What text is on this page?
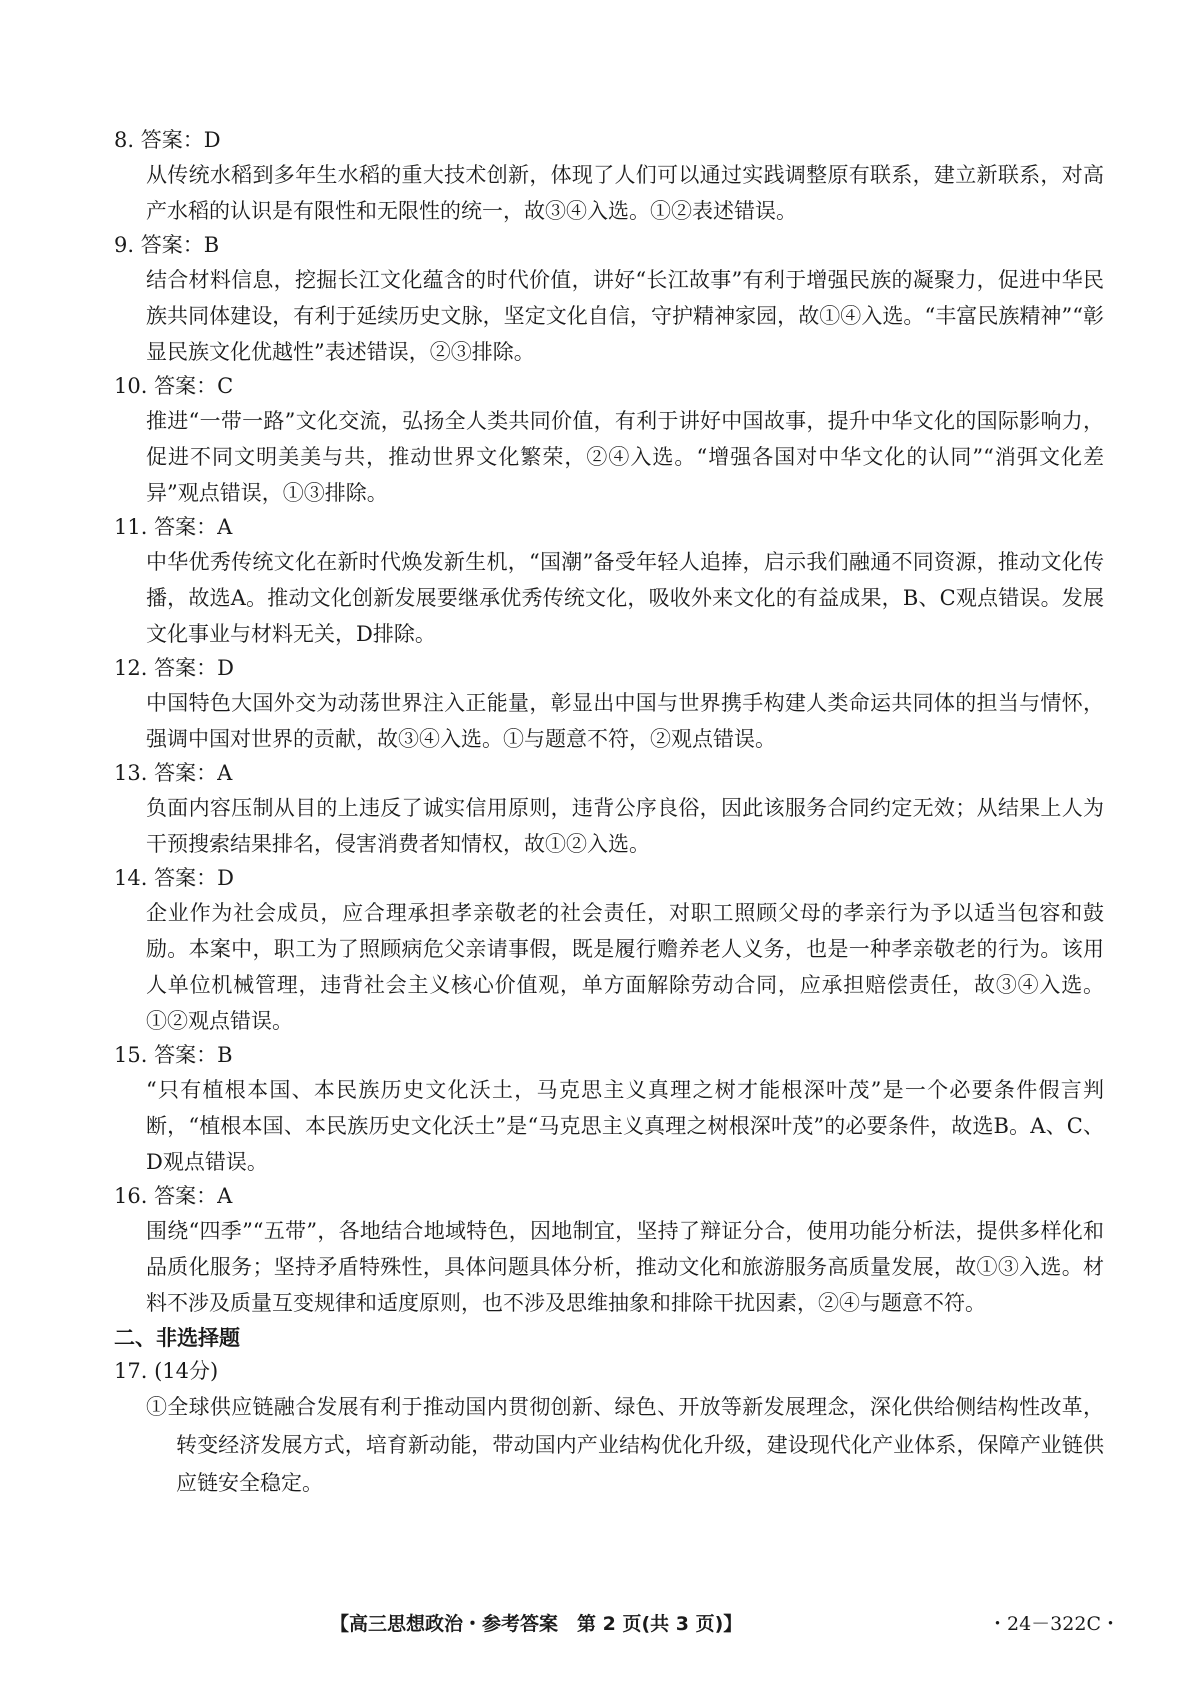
8. 答案：D
从传统水稻到多年生水稻的重大技术创新，体现了人们可以通过实践调整原有联系，建立新联系，对高产水稻的认识是有限性和无限性的统一，故③④入选。①②表述错误。
9. 答案：B
结合材料信息，挖掘长江文化蕴含的时代价值，讲好“长江故事”有利于增强民族的凝聚力，促进中华民族共同体建设，有利于延续历史文脉，坚定文化自信，守护精神家园，故①④入选。“丰富民族精神”“彰显民族文化优越性”表述错误，②③排除。
10. 答案：C
推进“一带一路”文化交流，弘扬全人类共同价值，有利于讲好中国故事，提升中华文化的国际影响力，促进不同文明美美与共，推动世界文化繁荣，②④入选。“增强各国对中华文化的认同”“消弭文化差异”观点错误，①③排除。
11. 答案：A
中华优秀传统文化在新时代焕发新生机，“国潮”备受年轻人追捧，启示我们融通不同资源，推动文化传播，故选A。推动文化创新发展要继承优秀传统文化，吸收外来文化的有益成果，B、C观点错误。发展文化事业与材料无关，D排除。
12. 答案：D
中国特色大国外交为动荡世界注入正能量，彰显出中国与世界携手构建人类命运共同体的担当与情怀，强调中国对世界的贡献，故③④入选。①与题意不符，②观点错误。
13. 答案：A
负面内容压制从目的上违反了诚实信用原则，违背公序良俗，因此该服务合同约定无效；从结果上人为干预搜索结果排名，侵害消费者知情权，故①②入选。
14. 答案：D
企业作为社会成员，应合理承担孝亲敬老的社会责任，对职工照顾父母的孝亲行为予以适当包容和鼓励。本案中，职工为了照顾病危父亲请事假，既是履行赡养老人义务，也是一种孝亲敬老的行为。该用人单位机械管理，违背社会主义核心价值观，单方面解除劳动合同，应承担赔偿责任，故③④入选。①②观点错误。
15. 答案：B
“只有植根本国、本民族历史文化沃土，马克思主义真理之树才能根深叶茂”是一个必要条件假言判断，“植根本国、本民族历史文化沃土”是“马克思主义真理之树根深叶茂”的必要条件，故选B。A、C、D观点错误。
16. 答案：A
围绕“四季”“五带”，各地结合地域特色，因地制宜，坚持了辩证分合，使用功能分析法，提供多样化和品质化服务；坚持矛盾特殊性，具体问题具体分析，推动文化和旅游服务高质量发展，故①③入选。材料不涉及质量互变规律和适度原则，也不涉及思维抽象和排除干扰因素，②④与题意不符。
二、非选择题
17. (14分)
①全球供应链融合发展有利于推动国内贯彻创新、绿色、开放等新发展理念，深化供给侧结构性改革，转变经济发展方式，培育新动能，带动国内产业结构优化升级，建设现代化产业体系，保障产业链供应链安全稳定。
【高三思想政治・参考答案　第 2 页(共 3 页)】	・24－322C・
